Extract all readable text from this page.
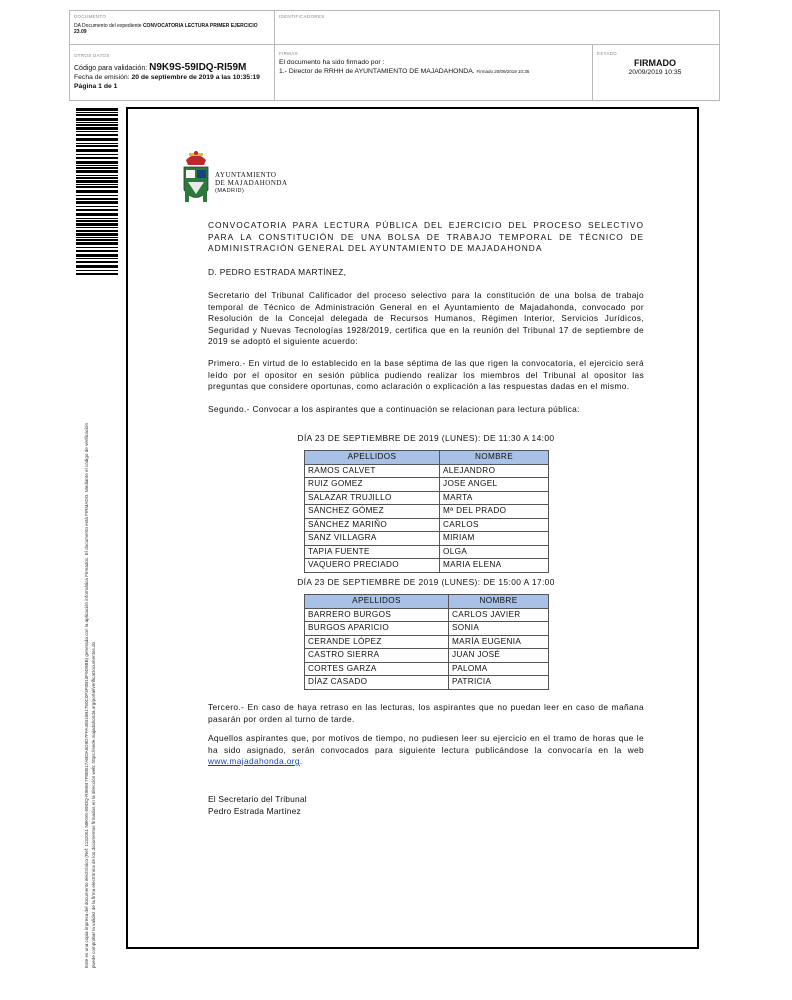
DOCUMENTO
DA Documento del expediente CONVOCATORIA LECTURA PRIMER EJERCICIO 23.09
IDENTIFICADORES
OTROS DATOS
Código para validación: N9K9S-59IDQ-RI59M
Fecha de emisión: 20 de septiembre de 2019 a las 10:35:19
Página 1 de 1
FIRMAS
El documento ha sido firmado por :
1.- Director de RRHH de AYUNTAMIENTO DE MAJADAHONDA. Firmado 20/09/2019 10:35
ESTADO
FIRMADO
20/09/2019 10:35
Este es una copia impresa del documento electrónico (Ref: 1132051 N9K9S-59IDQ-RI59M 7F8EB17ABDA5D9D7FFA49316B1750C0F3F0B10F9D9BB) generada con la aplicación informática Firmadoc. El documento está FIRMADO. Mediante el código de verificación puede comprobar la validez de la firma electrónica de los documentos firmados en la dirección web: https://sede.majadahonda.org/portal/verificaDocumentos.do
AYUNTAMIENTO
DE MAJADAHONDA
(MADRID)
CONVOCATORIA PARA LECTURA PÚBLICA DEL EJERCICIO DEL PROCESO SELECTIVO PARA LA CONSTITUCIÓN DE UNA BOLSA DE TRABAJO TEMPORAL DE TÉCNICO DE ADMINISTRACIÓN GENERAL DEL AYUNTAMIENTO DE MAJADAHONDA
D. PEDRO ESTRADA MARTÍNEZ,
Secretario del Tribunal Calificador del proceso selectivo para la constitución de una bolsa de trabajo temporal de Técnico de Administración General en el Ayuntamiento de Majadahonda, convocado por Resolución de la Concejal delegada de Recursos Humanos, Régimen Interior, Servicios Jurídicos, Seguridad y Nuevas Tecnologías 1928/2019, certifica que en la reunión del Tribunal 17 de septiembre de 2019 se adoptó el siguiente acuerdo:
Primero.- En virtud de lo establecido en la base séptima de las que rigen la convocatoria, el ejercicio será leído por el opositor en sesión pública pudiendo realizar los miembros del Tribunal al opositor las preguntas que considere oportunas, como aclaración o explicación a las respuestas dadas en el mismo.
Segundo.- Convocar a los aspirantes que a continuación se relacionan para lectura pública:
DÍA 23 DE SEPTIEMBRE DE 2019 (LUNES): DE 11:30 A 14:00
APELLIDOS	NOMBRE
RAMOS CALVET	ALEJANDRO
RUIZ GOMEZ	JOSE ANGEL
SALAZAR TRUJILLO	MARTA
SÁNCHEZ GÓMEZ	Mª DEL PRADO
SÁNCHEZ MARIÑO	CARLOS
SANZ VILLAGRA	MIRIAM
TAPIA FUENTE	OLGA
VAQUERO PRECIADO	MARIA ELENA
DÍA 23 DE SEPTIEMBRE DE 2019 (LUNES): DE 15:00 A 17:00
APELLIDOS	NOMBRE
BARRERO BURGOS	CARLOS JAVIER
BURGOS APARICIO	SONIA
CERANDE LÓPEZ	MARÍA EUGENIA
CASTRO SIERRA	JUAN JOSÉ
CORTES GARZA	PALOMA
DÍAZ CASADO	PATRICIA
Tercero.- En caso de haya retraso en las lecturas, los aspirantes que no puedan leer en caso de mañana pasarán por orden al turno de tarde.
Aquellos aspirantes que, por motivos de tiempo, no pudiesen leer su ejercicio en el tramo de horas que le ha sido asignado, serán convocados para siguiente lectura publicándose la convocaría en la web www.majadahonda.org.
El Secretario del Tribunal
Pedro Estrada Martínez
